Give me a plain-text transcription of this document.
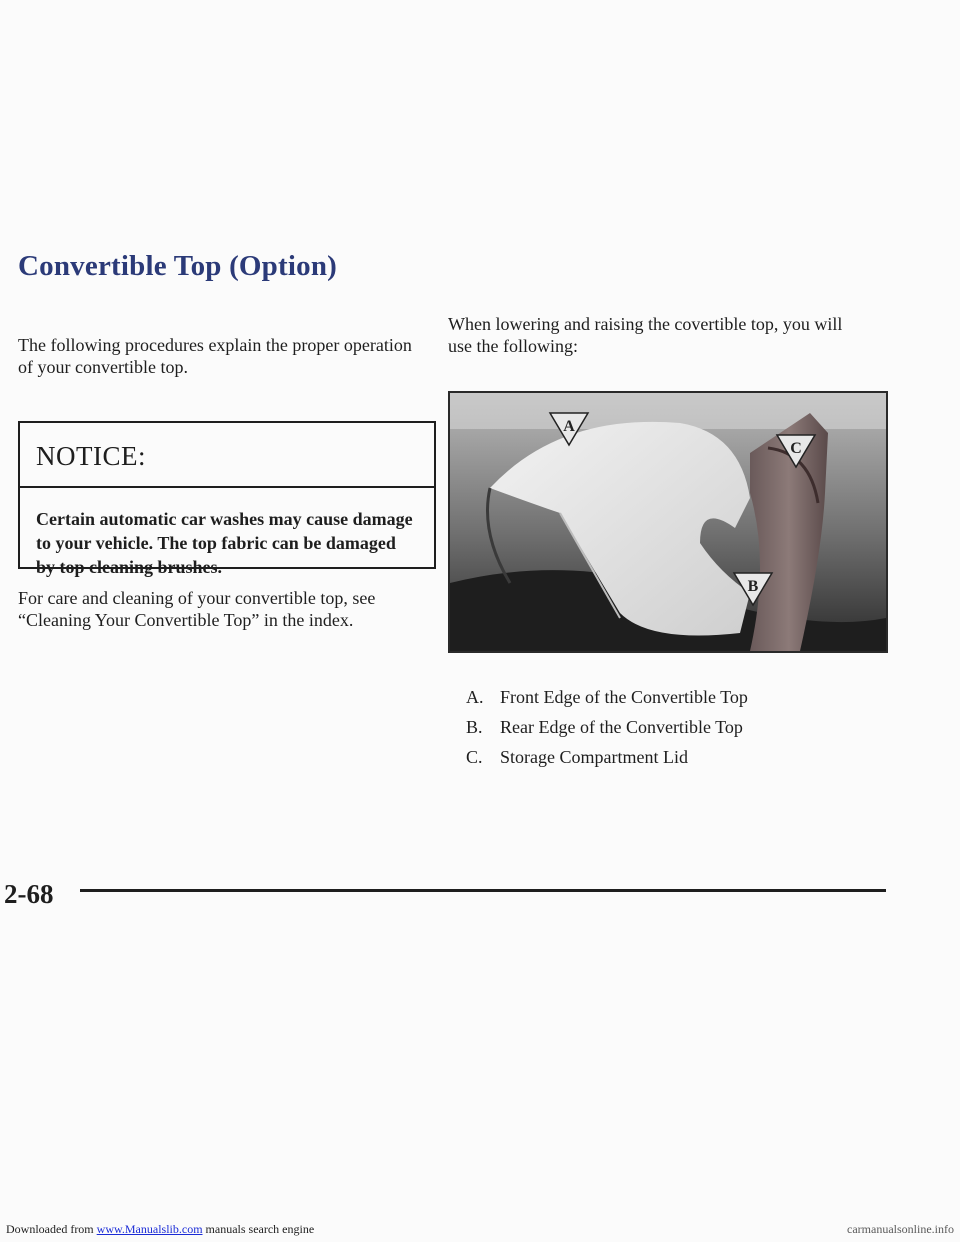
Convertible Top (Option)

The following procedures explain the proper operation

of your convertible top.

NOTICE:

Certain automatic car washes may cause damage
to your vehicle. The top fabric can be damaged
by top cleaning brushes.

For care and cleaning of your convertible top, see

“Cleaning Your Convertible Top” in the index.

When lowering and raising the covertible top, you will

use the following:

A
B
C
A. Front Edge of the Convertible Top
B. Rear Edge of the Convertible Top
C. Storage Compartment Lid

2-68

Downloaded from www.Manualslib.com manuals search engine	carmanualsonline.info
